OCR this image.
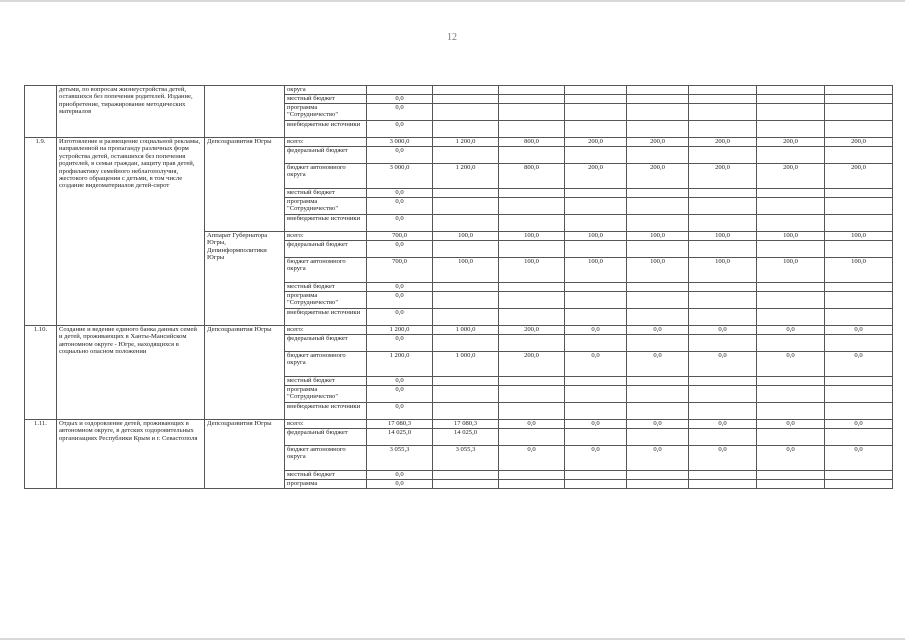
12
	детьми, по вопросам жизнеустройства детей, оставшихся без попечения родителей. Издание, приобретение, тиражирование методических материалов		округа									
			местный бюджет	0,0								
			программа "Сотрудничество"	0,0								
			внебюджетные источники	0,0								
1.9.	Изготовление и размещение социальной рекламы, направленной на пропаганду различных форм устройства детей, оставшихся без попечения родителей, в семьи граждан, защиту прав детей, профилактику семейного неблагополучия, жестокого обращения с детьми, в том числе создание видеоматериалов детей-сирот	Депсоцразвития Югры	всего:	3 000,0	1 200,0	800,0	200,0	200,0	200,0	200,0	200,0	
			федеральный бюджет	0,0								
			бюджет автономного округа	3 000,0	1 200,0	800,0	200,0	200,0	200,0	200,0	200,0	
			местный бюджет	0,0								
			программа "Сотрудничество"	0,0								
			внебюджетные источники	0,0								
		Аппарат Губернатора Югры, Депинформполитики Югры	всего:	700,0	100,0	100,0	100,0	100,0	100,0	100,0	100,0	
			федеральный бюджет	0,0								
			бюджет автономного округа	700,0	100,0	100,0	100,0	100,0	100,0	100,0	100,0	
			местный бюджет	0,0								
			программа "Сотрудничество"	0,0								
			внебюджетные источники	0,0								
1.10.	Создание и ведение единого банка данных семей и детей, проживающих в Ханты-Мансийском автономном округе - Югре, находящихся в социально опасном положении	Депсоцразвития Югры	всего:	1 200,0	1 000,0	200,0	0,0	0,0	0,0	0,0	0,0	
			федеральный бюджет	0,0								
			бюджет автономного округа	1 200,0	1 000,0	200,0	0,0	0,0	0,0	0,0	0,0	
			местный бюджет	0,0								
			программа "Сотрудничество"	0,0								
			внебюджетные источники	0,0								
1.11.	Отдых и оздоровление детей, проживающих в автономном округе, в детских оздоровительных организациях Республики Крым и г. Севастополя	Депсоцразвития Югры	всего:	17 080,3	17 080,3	0,0	0,0	0,0	0,0	0,0	0,0	
			федеральный бюджет	14 025,0	14 025,0							
			бюджет автономного округа	3 055,3	3 055,3	0,0	0,0	0,0	0,0	0,0	0,0	
			местный бюджет	0,0								
			программа	0,0								
